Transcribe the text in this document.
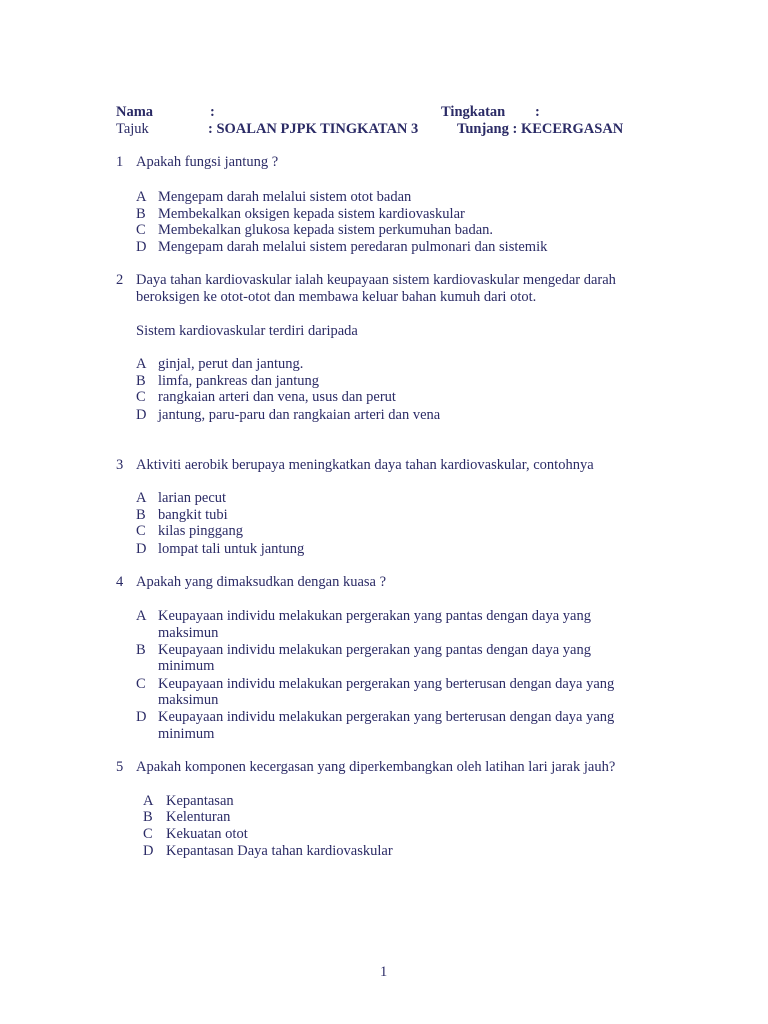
Nama	:	Tingkatan :
Tajuk	: SOALAN PJPK TINGKATAN 3	Tunjang : KECERGASAN
1 Apakah fungsi jantung ?
A Mengepam darah melalui sistem otot badan
B Membekalkan oksigen kepada sistem kardiovaskular
C Membekalkan glukosa kepada sistem perkumuhan badan.
D Mengepam darah melalui sistem peredaran pulmonari dan sistemik
2 Daya tahan kardiovaskular ialah keupayaan sistem kardiovaskular mengedar darah
beroksigen ke otot-otot dan membawa keluar bahan kumuh dari otot.
Sistem kardiovaskular terdiri daripada
A ginjal, perut dan jantung.
B limfa, pankreas dan jantung
C rangkaian arteri dan vena, usus dan perut
D jantung, paru-paru dan rangkaian arteri dan vena
3 Aktiviti aerobik berupaya meningkatkan daya tahan kardiovaskular, contohnya
A larian pecut
B bangkit tubi
C kilas pinggang
D lompat tali untuk jantung
4 Apakah yang dimaksudkan dengan kuasa ?
A Keupayaan individu melakukan pergerakan yang pantas dengan daya yang
maksimun
B Keupayaan individu melakukan pergerakan yang pantas dengan daya yang
minimum
C Keupayaan individu melakukan pergerakan yang berterusan dengan daya yang
maksimun
D Keupayaan individu melakukan pergerakan yang berterusan dengan daya yang
minimum
5 Apakah komponen kecergasan yang diperkembangkan oleh latihan lari jarak jauh?
A Kepantasan
B Kelenturan
C Kekuatan otot
D Kepantasan Daya tahan kardiovaskular
1
